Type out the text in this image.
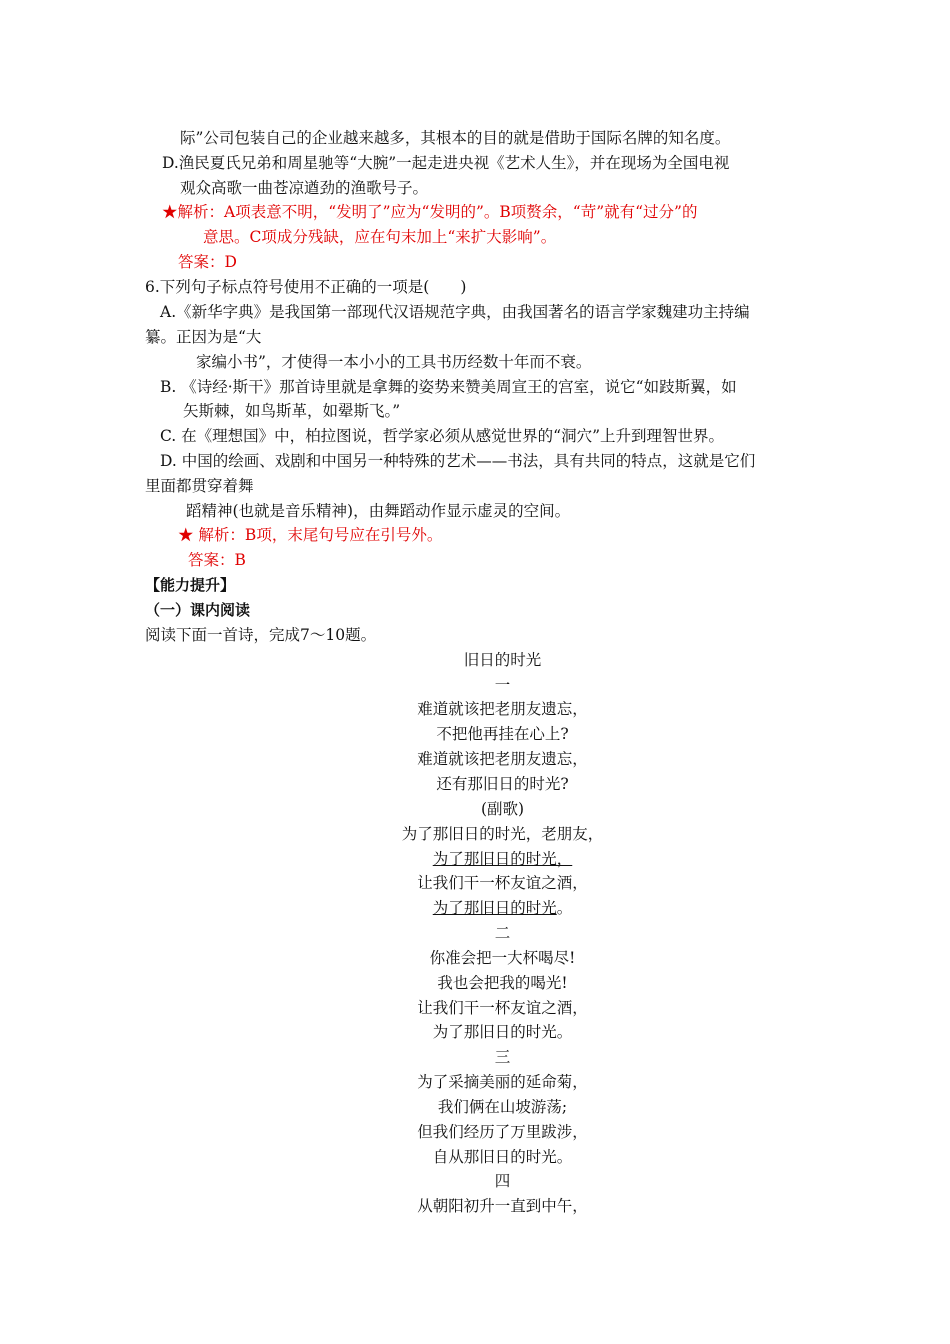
际”公司包装自己的企业越来越多，其根本的目的就是借助于国际名牌的知名度。
D.渔民夏氏兄弟和周星驰等“大腕”一起走进央视《艺术人生》，并在现场为全国电视
观众高歌一曲苍凉遒劲的渔歌号子。
★解析：A项表意不明，“发明了”应为“发明的”。B项赘余，“苛”就有“过分”的
意思。C项成分残缺，应在句末加上“来扩大影响”。
答案：D
6.下列句子标点符号使用不正确的一项是(　　)
A.《新华字典》是我国第一部现代汉语规范字典，由我国著名的语言学家魏建功主持编
纂。正因为是“大
家编小书”，才使得一本小小的工具书历经数十年而不衰。
B. 《诗经·斯干》那首诗里就是拿舞的姿势来赞美周宣王的宫室，说它“如跂斯翼，如
矢斯棘，如鸟斯革，如翚斯飞。”
C. 在《理想国》中，柏拉图说，哲学家必须从感觉世界的“洞穴”上升到理智世界。
D. 中国的绘画、戏剧和中国另一种特殊的艺术——书法，具有共同的特点，这就是它们
里面都贯穿着舞
蹈精神(也就是音乐精神)，由舞蹈动作显示虚灵的空间。
★ 解析：B项，末尾句号应在引号外。
答案：B
【能力提升】
（一）课内阅读
阅读下面一首诗，完成7～10题。
旧日的时光
一
难道就该把老朋友遗忘，
不把他再挂在心上?
难道就该把老朋友遗忘，
还有那旧日的时光?
(副歌)
为了那旧日的时光，老朋友，
为了那旧日的时光，
让我们干一杯友谊之酒，
为了那旧日的时光。
二
你准会把一大杯喝尽!
我也会把我的喝光!
让我们干一杯友谊之酒，
为了那旧日的时光。
三
为了采摘美丽的延命菊，
我们俩在山坡游荡;
但我们经历了万里跋涉，
自从那旧日的时光。
四
从朝阳初升一直到中午，
